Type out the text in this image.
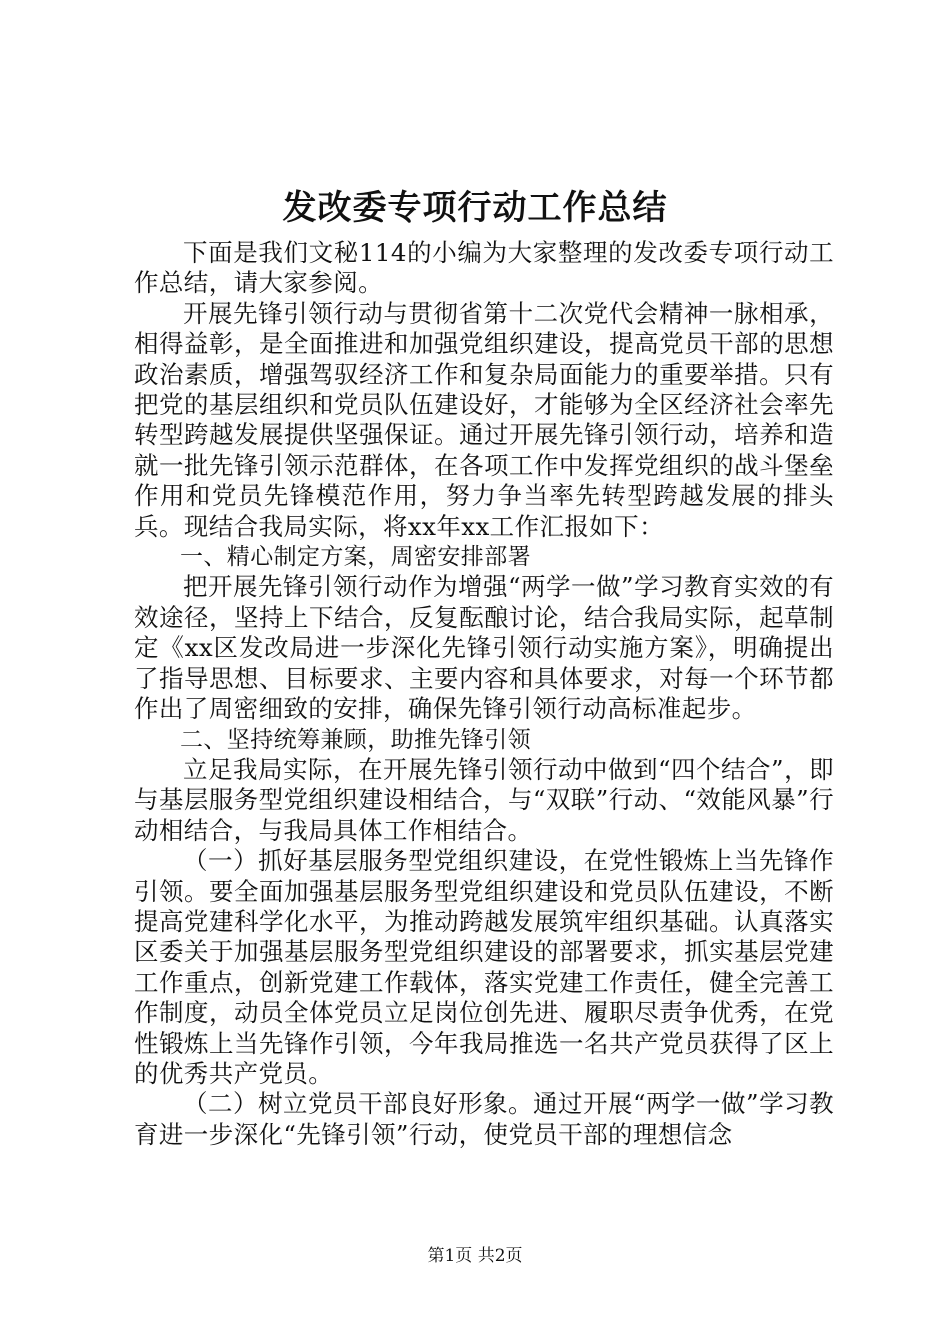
发改委专项行动工作总结

下面是我们文秘114的小编为大家整理的发改委专项行动工作总结，请大家参阅。

开展先锋引领行动与贯彻省第十二次党代会精神一脉相承，相得益彰，是全面推进和加强党组织建设，提高党员干部的思想政治素质，增强驾驭经济工作和复杂局面能力的重要举措。只有把党的基层组织和党员队伍建设好，才能够为全区经济社会率先转型跨越发展提供坚强保证。通过开展先锋引领行动，培养和造就一批先锋引领示范群体，在各项工作中发挥党组织的战斗堡垒作用和党员先锋模范作用，努力争当率先转型跨越发展的排头兵。现结合我局实际，将xx年xx工作汇报如下：

一、精心制定方案，周密安排部署

把开展先锋引领行动作为增强“两学一做”学习教育实效的有效途径，坚持上下结合，反复酝酿讨论，结合我局实际，起草制定《xx区发改局进一步深化先锋引领行动实施方案》，明确提出了指导思想、目标要求、主要内容和具体要求，对每一个环节都作出了周密细致的安排，确保先锋引领行动高标准起步。

二、坚持统筹兼顾，助推先锋引领

立足我局实际，在开展先锋引领行动中做到“四个结合”，即与基层服务型党组织建设相结合，与“双联”行动、“效能风暴”行动相结合，与我局具体工作相结合。

（一）抓好基层服务型党组织建设，在党性锻炼上当先锋作引领。要全面加强基层服务型党组织建设和党员队伍建设，不断提高党建科学化水平，为推动跨越发展筑牢组织基础。认真落实区委关于加强基层服务型党组织建设的部署要求，抓实基层党建工作重点，创新党建工作载体，落实党建工作责任，健全完善工作制度，动员全体党员立足岗位创先进、履职尽责争优秀，在党性锻炼上当先锋作引领，今年我局推选一名共产党员获得了区上的优秀共产党员。

（二）树立党员干部良好形象。通过开展“两学一做”学习教育进一步深化“先锋引领”行动，使党员干部的理想信念

第1页 共2页
